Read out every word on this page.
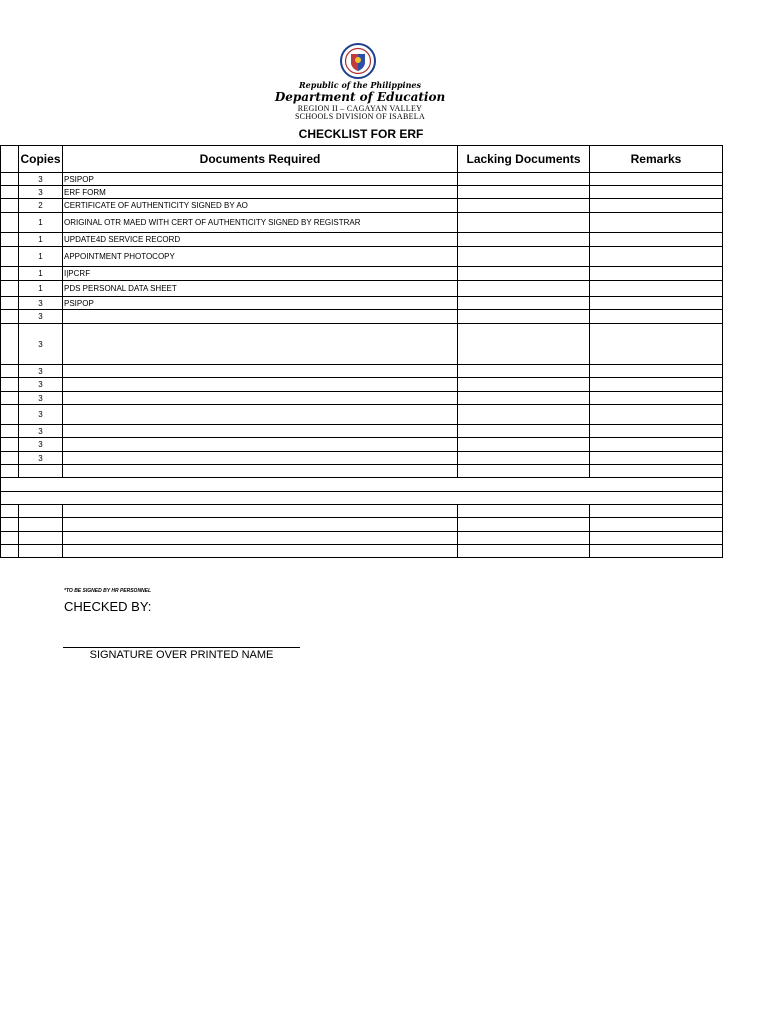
Republic of the Philippines
Department of Education
REGION II – CAGAYAN VALLEY
SCHOOLS DIVISION OF ISABELA
CHECKLIST FOR ERF
	Copies	Documents Required	Lacking Documents	Remarks
	3	PSIPOP		
	3	ERF FORM		
	2	CERTIFICATE OF AUTHENTICITY SIGNED BY AO		
	1	ORIGINAL OTR MAED WITH CERT OF AUTHENTICITY SIGNED BY REGISTRAR		
	1	UPDATE4D SERVICE RECORD		
	1	APPOINTMENT PHOTOCOPY		
	1	I|PCRF		
	1	PDS PERSONAL DATA SHEET		
	3	PSIPOP		
	3			
	3			
	3			
	3			
	3			
	3			
	3			
	3			
	3			

*TO BE SIGNED BY HR PERSONNEL
CHECKED BY:
SIGNATURE OVER PRINTED NAME
